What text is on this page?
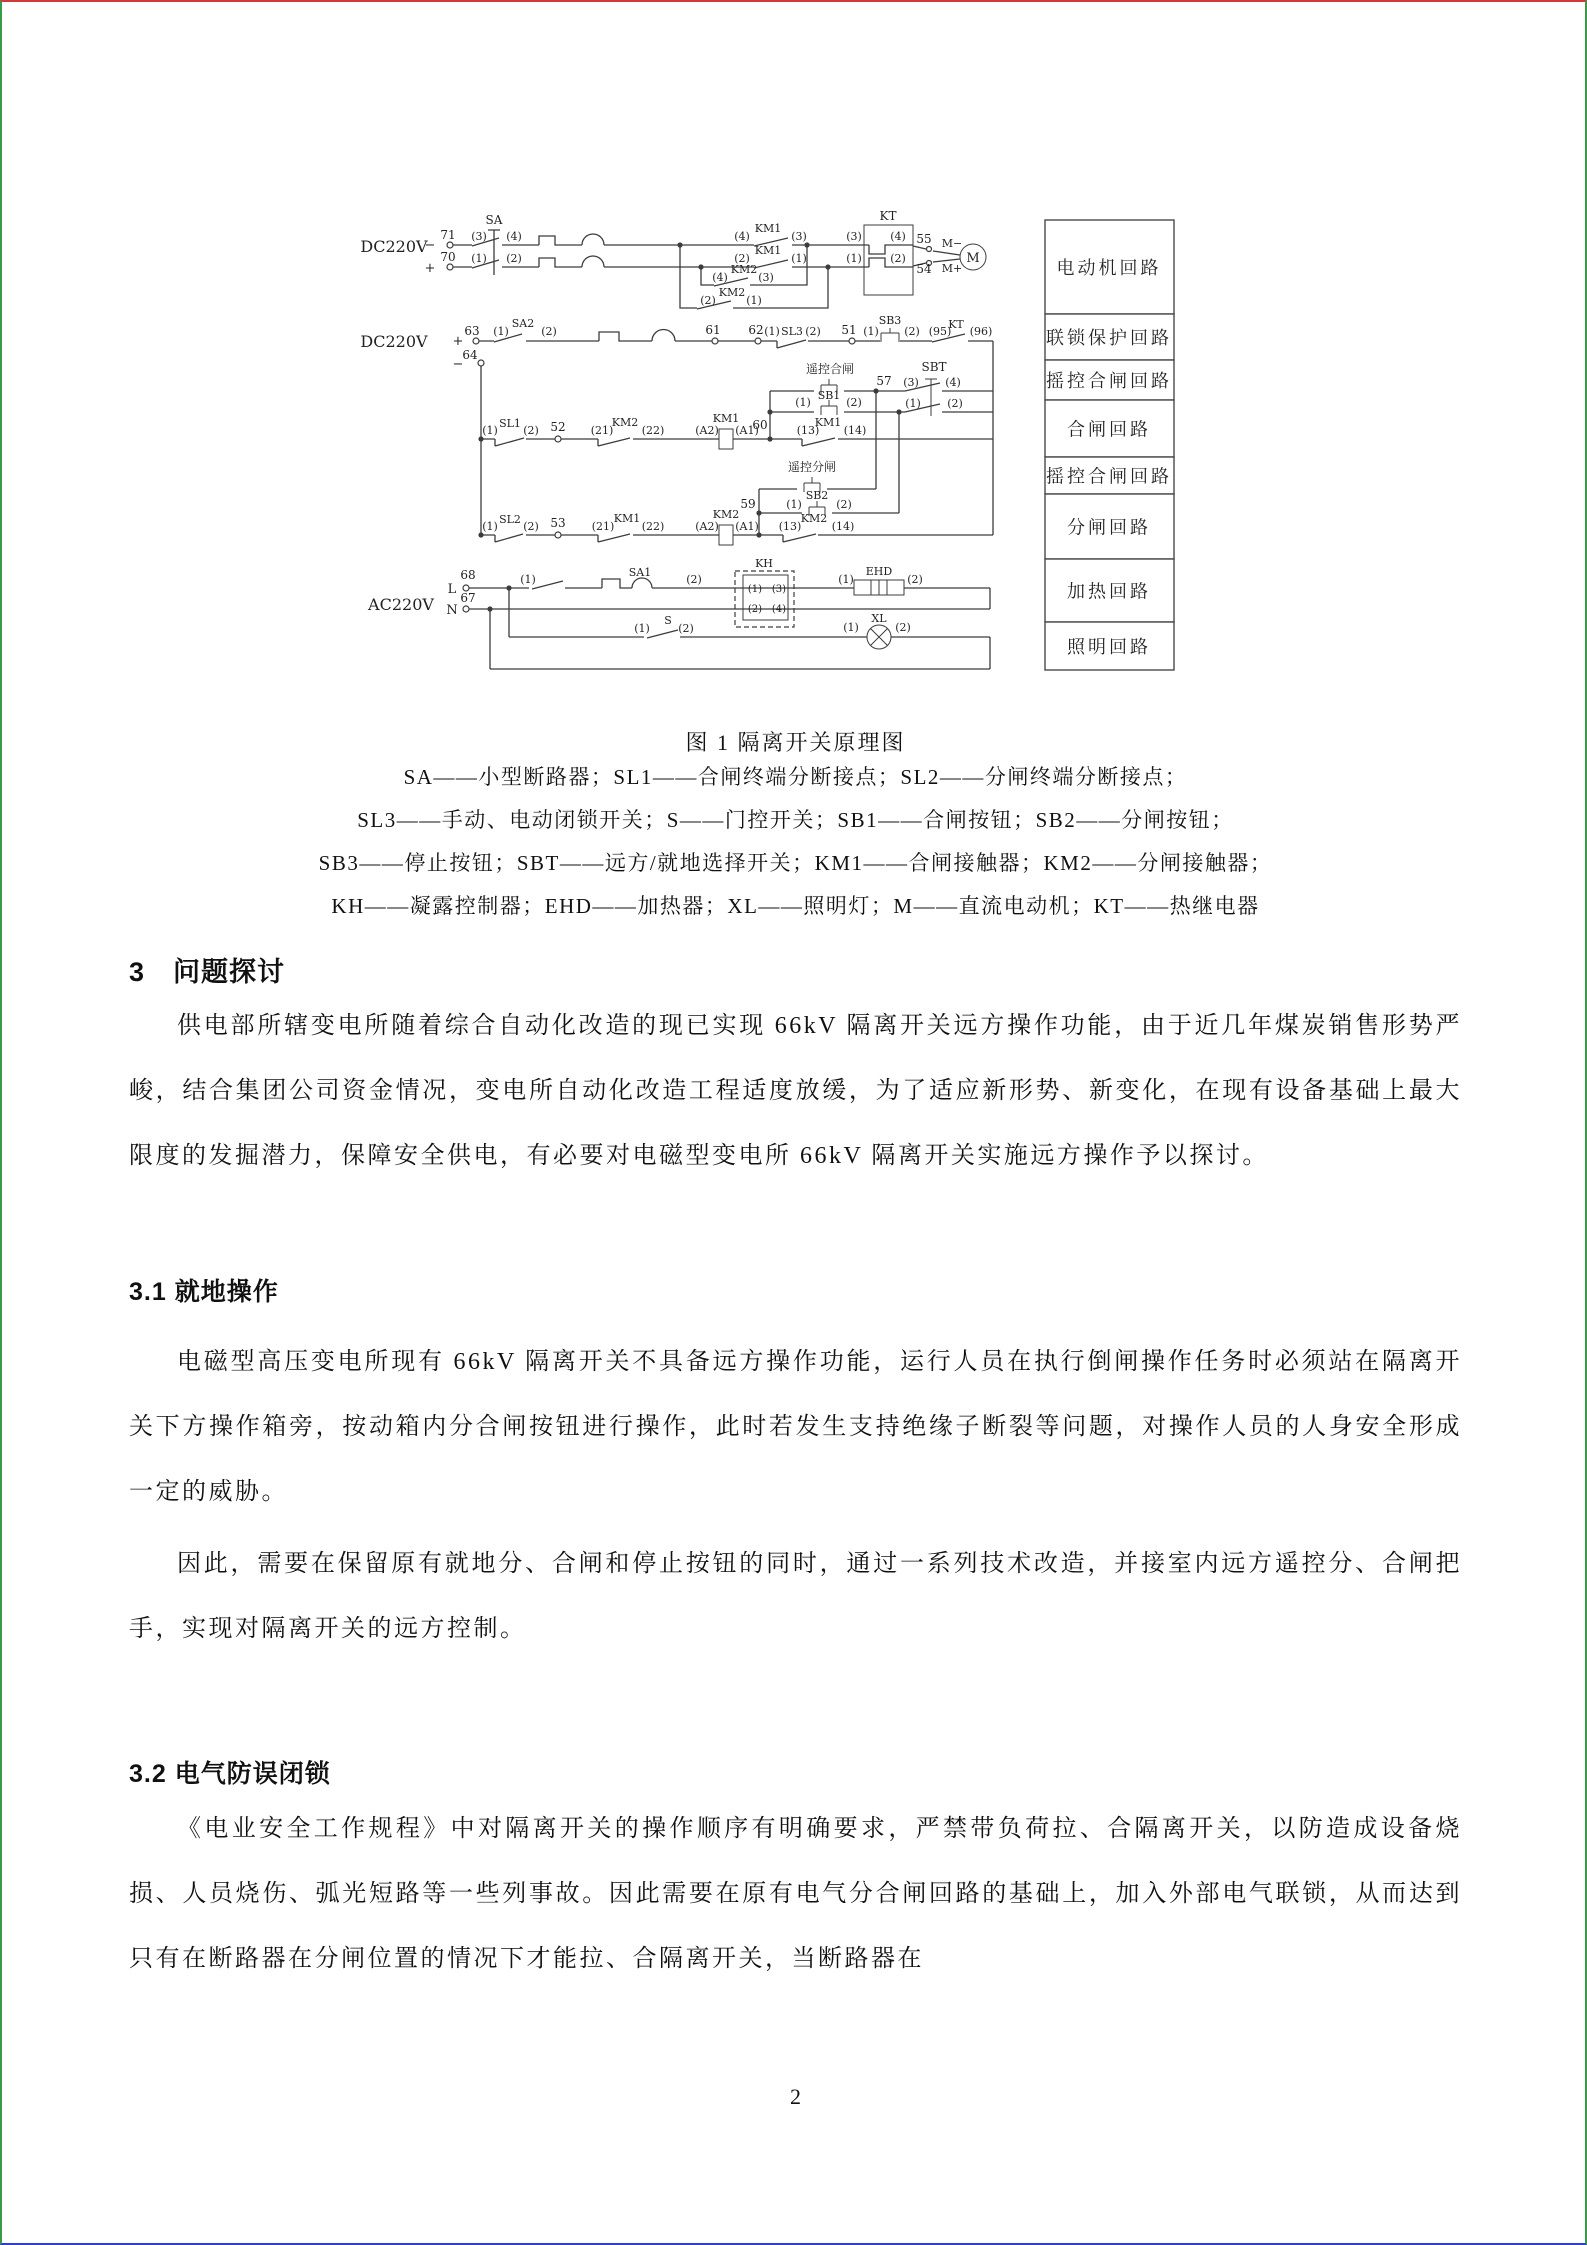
电动机回路
联锁保护回路
摇控合闸回路
合闸回路
摇控合闸回路
分闸回路
加热回路
照明回路
DC220V
−
+
71
70
SA
(3) (4)
(1) (2)
(4)
KM1
(3)
(2)
KM1
(1)
(4)
KM2
(3)
(2)
KM2
(1)
(3)	(4)
(1)	(2)
KT
55
54
M−
M+
M
DC220V +
63
−
64
(1)
SA2
(2)	61 62 (1) SL3 (2) 51 (1)
SB3
(2) (95)
KT
(96)
(1)
SL1
(2) 52 (21)
KM2
(22)	(A2)
KM1
(A1)
60
遥控合闸
SB1
(1)	(2)
57 (3)
SBT
(4)
(1) (2)
(13)
KM1
(14)
遥控分闸
SB2
(1)	(2)
59
(1)
SL2
(2) 53 (21)
KM1
(22)	(A2)
KM2
(A1) (13)
KM2
(14)
AC220V
L
68
N
67
(1)
SA1
(2)
KH
(1) (3)
(2) (4)
(1)
EHD
(2)
(1)
S
(2)	(1)
XL
(2)
图 1 隔离开关原理图
SA——小型断路器；SL1——合闸终端分断接点；SL2——分闸终端分断接点；
SL3——手动、电动闭锁开关；S——门控开关；SB1——合闸按钮；SB2——分闸按钮；
SB3——停止按钮；SBT——远方/就地选择开关；KM1——合闸接触器；KM2——分闸接触器；
KH——凝露控制器；EHD——加热器；XL——照明灯；M——直流电动机；KT——热继电器
3　问题探讨

供电部所辖变电所随着综合自动化改造的现已实现 66kV 隔离开关远方操作功能，由于近几年煤炭销售形势严峻，结合集团公司资金情况，变电所自动化改造工程适度放缓，为了适应新形势、新变化，在现有设备基础上最大限度的发掘潜力，保障安全供电，有必要对电磁型变电所 66kV 隔离开关实施远方操作予以探讨。

3.1 就地操作

电磁型高压变电所现有 66kV 隔离开关不具备远方操作功能，运行人员在执行倒闸操作任务时必须站在隔离开关下方操作箱旁，按动箱内分合闸按钮进行操作，此时若发生支持绝缘子断裂等问题，对操作人员的人身安全形成一定的威胁。

因此，需要在保留原有就地分、合闸和停止按钮的同时，通过一系列技术改造，并接室内远方遥控分、合闸把手，实现对隔离开关的远方控制。

3.2 电气防误闭锁

《电业安全工作规程》中对隔离开关的操作顺序有明确要求，严禁带负荷拉、合隔离开关，以防造成设备烧损、人员烧伤、弧光短路等一些列事故。因此需要在原有电气分合闸回路的基础上，加入外部电气联锁，从而达到只有在断路器在分闸位置的情况下才能拉、合隔离开关，当断路器在

2
